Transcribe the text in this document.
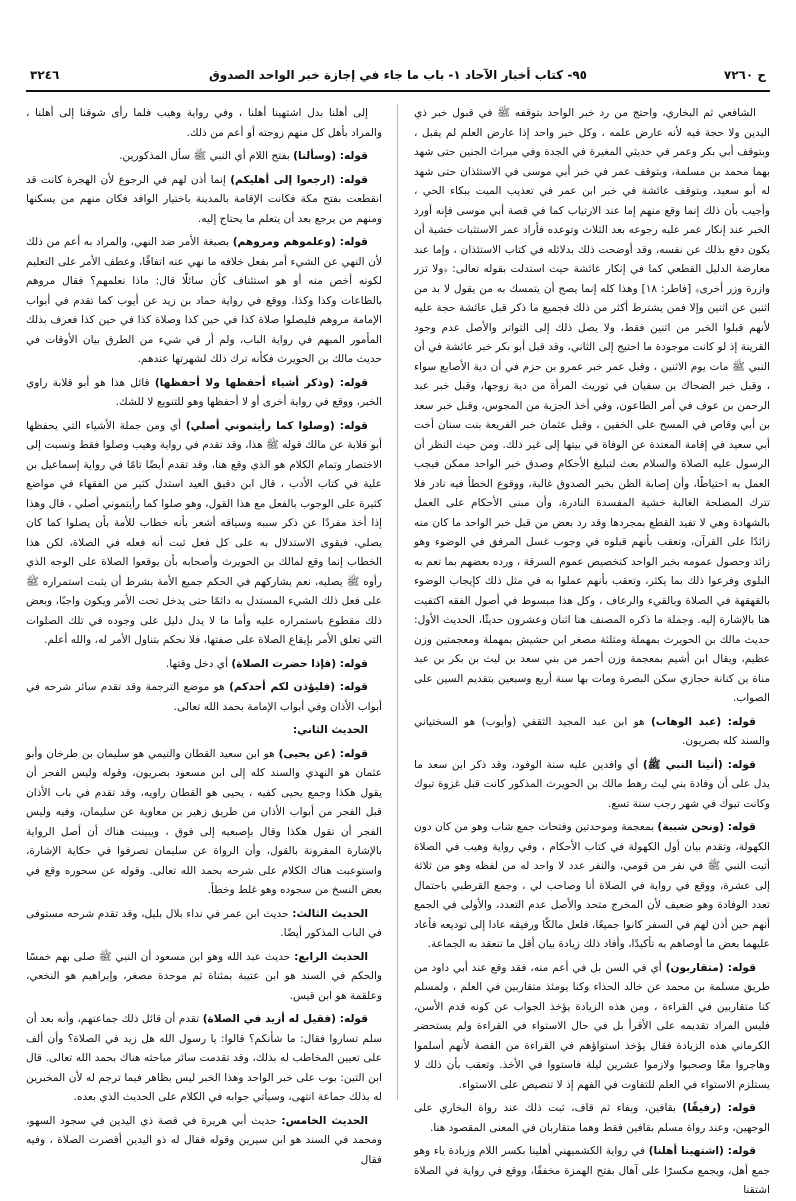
ح ٧٢٦٠
٩٥- كتاب أخبار الآحاد ١- باب ما جاء في إجازة خبر الواحد الصدوق
٣٢٤٦

الشافعي ثم البخاري، واحتج من رد خبر الواحد بتوقفه ﷺ في قبول خبر ذي اليدين ولا حجة فيه لأنه عارض علمه ، وكل خبر واحد إذا عارض العلم لم يقبل ، وبتوقف أبي بكر وعمر في حديثي المغيرة في الجدة وفي ميراث الجنين حتى شهد بهما محمد بن مسلمة، وبتوقف عمر في خبر أبي موسى في الاستئذان حتى شهد له أبو سعيد، وبتوقف عائشة في خبر ابن عمر في تعذيب الميت ببكاء الحي ، وأجيب بأن ذلك إنما وقع منهم إما عند الارتياب كما في قصة أبي موسى فإنه أورد الخبر عند إنكار عمر عليه رجوعه بعد الثلاث وتوعده فأراد عمر الاستثبات خشية أن يكون دفع بذلك عن نفسه، وقد أوضحت ذلك بدلائله في كتاب الاستئذان ، وإما عند معارضة الدليل القطعي كما في إنكار عائشة حيث استدلت بقوله تعالى: ﴿ولا تزر وازرة وزر أخرى﴾ [فاطر: ١٨] وهذا كله إنما يصح أن يتمسك به من يقول لا بد من اثنين عن اثنين وإلا فمن يشترط أكثر من ذلك فجميع ما ذكر قبل عائشة حجة عليه لأنهم قبلوا الخبر من اثنين فقط، ولا يصل ذلك إلى التواتر والأصل عدم وجود القرينة إذ لو كانت موجودة ما احتيج إلى الثاني، وقد قبل أبو بكر خبر عائشة في أن النبي ﷺ مات يوم الاثنين ، وقبل عمر خبر عمرو بن حزم في أن دية الأصابع سواء ، وقبل خبر الضحاك بن سفيان في توريث المرأة من دية زوجها، وقبل خبر عبد الرحمن بن عوف في أمر الطاعون، وفي أخذ الجزية من المجوس، وقبل خبر سعد بن أبي وقاص في المسح على الخفين ، وقبل عثمان خبر الفريعة بنت سنان أخت أبي سعيد في إقامة المعتدة عن الوفاة في بيتها إلى غير ذلك. ومن حيث النظر أن الرسول عليه الصلاة والسلام بعث لتبليغ الأحكام وصدق خبر الواحد ممكن فيجب العمل به احتياطًا، وأن إصابة الظن بخبر الصدوق غالبة، ووقوع الخطأ فيه نادر فلا تترك المصلحة الغالبة خشية المفسدة النادرة، وأن مبنى الأحكام على العمل بالشهادة وهي لا تفيد القطع بمجردها وقد رد بعض من قبل خبر الواحد ما كان منه زائدًا على القرآن، وتعقب بأنهم قبلوه في وجوب غسل المرفق في الوضوء وهو زائد وحصول عمومه بخبر الواحد كتخصيص عموم السرقة ، ورده بعضهم بما تعم به البلوى وفرعوا ذلك بما يكثر، وتعقب بأنهم عملوا به في مثل ذلك كإيجاب الوضوء بالقهقهة في الصلاة وبالقيء والرعاف ، وكل هذا مبسوط في أصول الفقه اكتفيت هنا بالإشارة إليه. وجملة ما ذكره المصنف هنا اثنان وعشرون حديثًا، الحديث الأول: حديث مالك بن الحويرث بمهملة ومثلثة مصغر ابن حشيش بمهملة ومعجمتين وزن عظيم، ويقال ابن أشيم بمعجمة وزن أحمر من بني سعد بن ليث بن بكر بن عبد مناة بن كنانة حجازي سكن البصرة ومات بها سنة أربع وسبعين بتقديم السين على الصواب.

قوله: (عبد الوهاب) هو ابن عبد المجيد الثقفي (وأيوب) هو السختياني والسند كله بصريون.

قوله: (أتينا النبي ﷺ) أي وافدين عليه سنة الوفود، وقد ذكر ابن سعد ما يدل على أن وفادة بني ليث رهط مالك بن الحويرث المذكور كانت قبل غزوة تبوك وكانت تبوك في شهر رجب سنة تسع.

قوله: (ونحن شببة) بمعجمة وموحدتين وفتحات جمع شاب وهو من كان دون الكهولة، وتقدم بيان أول الكهولة في كتاب الأحكام ، وفي رواية وهيب في الصلاة أتيت النبي ﷺ في نفر من قومي، والنفر عدد لا واحد له من لفظه وهو من ثلاثة إلى عشرة، ووقع في رواية في الصلاة أنا وصاحب لي ، وجمع القرطبي باحتمال تعدد الوفادة وهو ضعيف لأن المخرج متحد والأصل عدم التعدد، والأولى في الجمع أنهم حين أذن لهم في السفر كانوا جميعًا، فلعل مالكًا ورفيقه عادا إلى توديعه فأعاد عليهما بعض ما أوصاهم به تأكيدًا، وأفاد ذلك زيادة بيان أقل ما تنعقد به الجماعة.

قوله: (متقاربون) أي في السن بل في أعم منه، فقد وقع عند أبي داود من طريق مسلمة بن محمد عن خالد الحذاء وكنا يومئذ متقاربين في العلم ، ولمسلم كنا متقاربين في القراءة ، ومن هذه الزيادة يؤخذ الجواب عن كونه قدم الأسن، فليس المراد تقديمه على الأقرأ بل في حال الاستواء في القراءة ولم يستحضر الكرماني هذه الزيادة فقال يؤخذ استواؤهم في القراءة من القصة لأنهم أسلموا وهاجروا معًا وصحبوا ولازموا عشرين ليلة فاستووا في الأخذ. وتعقب بأن ذلك لا يستلزم الاستواء في العلم للتفاوت في الفهم إذ لا تنصيص على الاستواء.

قوله: (رفيقًا) بقافين، وبفاء ثم قاف، ثبت ذلك عند رواة البخاري على الوجهين، وعند رواة مسلم بقافين فقط وهما متقاربان في المعنى المقصود هنا.

قوله: (اشتهينا أهلنا) في رواية الكشميهني أهلينا بكسر اللام وزيادة ياء وهو جمع أهل، ويجمع مكسرًا على آهال بفتح الهمزة مخففًا، ووقع في رواية في الصلاة اشتقنا

إلى أهلنا بدل اشتهينا أهلنا ، وفي رواية وهيب فلما رأى شوقنا إلى أهلنا ، والمراد بأهل كل منهم زوجته أو أعم من ذلك.

قوله: (وسألنا) بفتح اللام أي النبي ﷺ سأل المذكورين.

قوله: (ارجعوا إلى أهليكم) إنما أذن لهم في الرجوع لأن الهجرة كانت قد انقطعت بفتح مكة فكانت الإقامة بالمدينة باختيار الوافد فكان منهم من يسكنها ومنهم من يرجع بعد أن يتعلم ما يحتاج إليه.

قوله: (وعلموهم ومروهم) بصيغة الأمر ضد النهي، والمراد به أعم من ذلك لأن النهي عن الشيء أمر بفعل خلافه ما نهي عنه اتفاقًا، وعطف الأمر على التعليم لكونه أخص منه أو هو استئناف كأن سائلًا قال: ماذا نعلمهم؟ فقال مروهم بالطاعات وكذا وكذا. ووقع في رواية حماد بن زيد عن أيوب كما تقدم في أبواب الإمامة مروهم فليصلوا صلاة كذا في حين كذا وصلاة كذا في حين كذا فعرف بذلك المأمور المبهم في رواية الباب، ولم أر في شيء من الطرق بيان الأوقات في حديث مالك بن الحويرث فكأنه ترك ذلك لشهرتها عندهم.

قوله: (وذكر أشياء أحفظها ولا أحفظها) قائل هذا هو أبو قلابة راوي الخبر، ووقع في رواية أخرى أو لا أحفظها وهو للتنويع لا للشك.

قوله: (وصلوا كما رأيتموني أصلي) أي ومن جملة الأشياء التي يحفظها أبو قلابة عن مالك قوله ﷺ هذا، وقد تقدم في رواية وهيب وصلوا فقط ونسبت إلى الاختصار وتمام الكلام هو الذي وقع هنا، وقد تقدم أيضًا تامًا في رواية إسماعيل بن علية في كتاب الأدب ، قال ابن دقيق العيد استدل كثير من الفقهاء في مواضع كثيرة على الوجوب بالفعل مع هذا القول، وهو صلوا كما رأيتموني أصلي ، قال وهذا إذا أخذ مفردًا عن ذكر سببه وسياقه أشعر بأنه خطاب للأمة بأن يصلوا كما كان يصلي، فيقوى الاستدلال به على كل فعل ثبت أنه فعله في الصلاة، لكن هذا الخطاب إنما وقع لمالك بن الحويرث وأصحابه بأن يوقعوا الصلاة على الوجه الذي رأوه ﷺ يصليه، نعم يشاركهم في الحكم جميع الأمة بشرط أن يثبت استمراره ﷺ على فعل ذلك الشيء المستدل به دائمًا حتى يدخل تحت الأمر ويكون واجبًا، وبعض ذلك مقطوع باستمراره عليه وأما ما لا يدل دليل على وجوده في تلك الصلوات التي تعلق الأمر بإيقاع الصلاة على صفتها، فلا نحكم بتناول الأمر له، والله أعلم.

قوله: (فإذا حضرت الصلاة) أي دخل وقتها.

قوله: (فليؤذن لكم أحدكم) هو موضع الترجمة وقد تقدم سائر شرحه في أبواب الأذان وفي أبواب الإمامة بحمد الله تعالى.

الحديث الثاني:

قوله: (عن يحيى) هو ابن سعيد القطان والتيمي هو سليمان بن طرخان وأبو عثمان هو النهدي والسند كله إلى ابن مسعود بصريون، وقوله وليس الفجر أن يقول هكذا وجمع يحيى كفيه ، يحيى هو القطان راويه، وقد تقدم في باب الأذان قبل الفجر من أبواب الأذان من طريق زهير بن معاوية عن سليمان، وفيه وليس الفجر أن تقول هكذا وقال بإصبعيه إلى فوق ، ويبينت هناك أن أصل الرواية بالإشارة المقرونة بالقول، وأن الرواة عن سليمان تصرفوا في حكاية الإشارة، واستوعبت هناك الكلام على شرحه بحمد الله تعالى. وقوله عن سحوره وقع في بعض النسخ من سجوده وهو غلط وخطأ.

الحديث الثالث: حديث ابن عمر في نداء بلال بليل، وقد تقدم شرحه مستوفى في الباب المذكور أيضًا.

الحديث الرابع: حديث عبد الله وهو ابن مسعود أن النبي ﷺ صلى بهم خمسًا والحكم في السند هو ابن عتيبة بمثناة ثم موحدة مصغر، وإبراهيم هو النخعي، وعلقمة هو ابن قيس.

قوله: (فقيل له أزيد في الصلاة) تقدم أن قائل ذلك جماعتهم، وأنه بعد أن سلم تساروا فقال: ما شأنكم؟ قالوا: يا رسول الله هل زيد في الصلاة؟ وأن ألف على تعيين المخاطب له بذلك، وقد تقدمت سائر مباحثه هناك بحمد الله تعالى. قال ابن التين: بوب على خبر الواحد وهذا الخبر ليس بظاهر فيما ترجم له لأن المخبرين له بذلك جماعة انتهى، وسيأتي جوابه في الكلام على الحديث الذي بعده.

الحديث الخامس: حديث أبي هريرة في قصة ذي اليدين في سجود السهو، ومحمد في السند هو ابن سيرين وقوله فقال له ذو اليدين أقصرت الصلاة ، وفيه فقال
